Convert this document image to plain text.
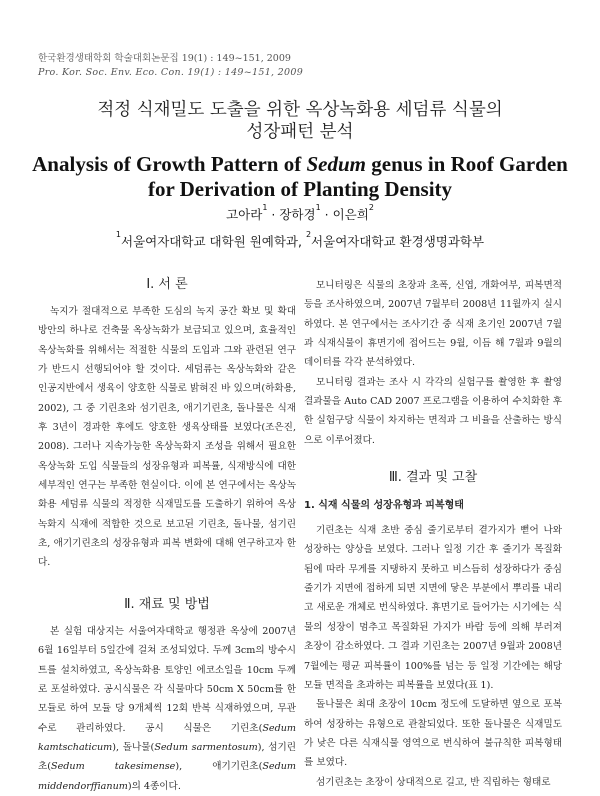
한국환경생태학회 학술대회논문집 19(1) : 149~151, 2009
Pro. Kor. Soc. Env. Eco. Con. 19(1) : 149~151, 2009
적정 식재밀도 도출을 위한 옥상녹화용 세덤류 식물의
성장패턴 분석
Analysis of Growth Pattern of Sedum genus in Roof Garden
for Derivation of Planting Density
고아라$^1$ · 장하경$^1$ · 이은희$^2$
$^1$서울여자대학교 대학원 원예학과, $^2$서울여자대학교 환경생명과학부
Ⅰ. 서 론

녹지가 절대적으로 부족한 도심의 녹지 공간 확보 및 확대방안의 하나로 건축물 옥상녹화가 보급되고 있으며, 효율적인 옥상녹화를 위해서는 적절한 식물의 도입과 그와 관련된 연구가 반드시 선행되어야 할 것이다. 세덤류는 옥상녹화와 같은 인공지반에서 생육이 양호한 식물로 밝혀진 바 있으며(하화용, 2002), 그 중 기린초와 섬기린초, 애기기린초, 돌나물은 식재 후 3년이 경과한 후에도 양호한 생육상태를 보였다(조은진, 2008). 그러나 지속가능한 옥상녹화지 조성을 위해서 필요한 옥상녹화 도입 식물들의 성장유형과 피복률, 식재방식에 대한 세부적인 연구는 부족한 현실이다. 이에 본 연구에서는 옥상녹화용 세덤류 식물의 적정한 식재밀도를 도출하기 위하여 옥상녹화지 식재에 적합한 것으로 보고된 기린초, 돌나물, 섬기린초, 애기기린초의 성장유형과 피복 변화에 대해 연구하고자 한다.

Ⅱ. 재료 및 방법

본 실험 대상지는 서울여자대학교 행정관 옥상에 2007년 6월 16일부터 5일간에 걸쳐 조성되었다. 두께 3cm의 방수시트를 설치하였고, 옥상녹화용 토양인 에코소일을 10cm 두께로 포설하였다. 공시식물은 각 식물마다 50cm X 50cm를 한 모듈로 하여 모듈 당 9개체씩 12회 반복 식재하였으며, 무관수로 관리하였다. 공시 식물은 기린초(Sedum kamtschaticum), 돌나물(Sedum sarmentosum), 섬기린초(Sedum takesimense), 애기기린초(Sedum middendorffianum)의 4종이다.

모니터링은 식물의 초장과 초폭, 신엽, 개화여부, 피복면적 등을 조사하였으며, 2007년 7월부터 2008년 11월까지 실시하였다. 본 연구에서는 조사기간 중 식재 초기인 2007년 7월과 식재식물이 휴면기에 접어드는 9월, 이듬 해 7월과 9월의 데이터를 각각 분석하였다.

모니터링 결과는 조사 시 각각의 실험구를 촬영한 후 촬영결과물을 Auto CAD 2007 프로그램을 이용하여 수치화한 후 한 실험구당 식물이 차지하는 면적과 그 비율을 산출하는 방식으로 이루어졌다.

Ⅲ. 결과 및 고찰
1. 식재 식물의 성장유형과 피복형태

기린초는 식재 초반 중심 줄기로부터 곁가지가 뻗어 나와 성장하는 양상을 보였다. 그러나 일정 기간 후 줄기가 목질화 됨에 따라 무게를 지탱하지 못하고 비스듬히 성장하다가 중심 줄기가 지면에 접하게 되면 지면에 닿은 부분에서 뿌리를 내리고 새로운 개체로 번식하였다. 휴면기로 들어가는 시기에는 식물의 성장이 멈추고 목질화된 가지가 바람 등에 의해 부러져 초장이 감소하였다. 그 결과 기린초는 2007년 9월과 2008년 7월에는 평균 피복률이 100%를 넘는 등 일정 기간에는 해당 모듈 면적을 초과하는 피복률을 보였다(표 1).

돌나물은 최대 초장이 10cm 정도에 도달하면 옆으로 포복하여 성장하는 유형으로 관찰되었다. 또한 돌나물은 식재밀도가 낮은 다른 식재식물 영역으로 번식하여 불규칙한 피복형태를 보였다.

섬기린초는 초장이 상대적으로 길고, 반 직립하는 형태로
